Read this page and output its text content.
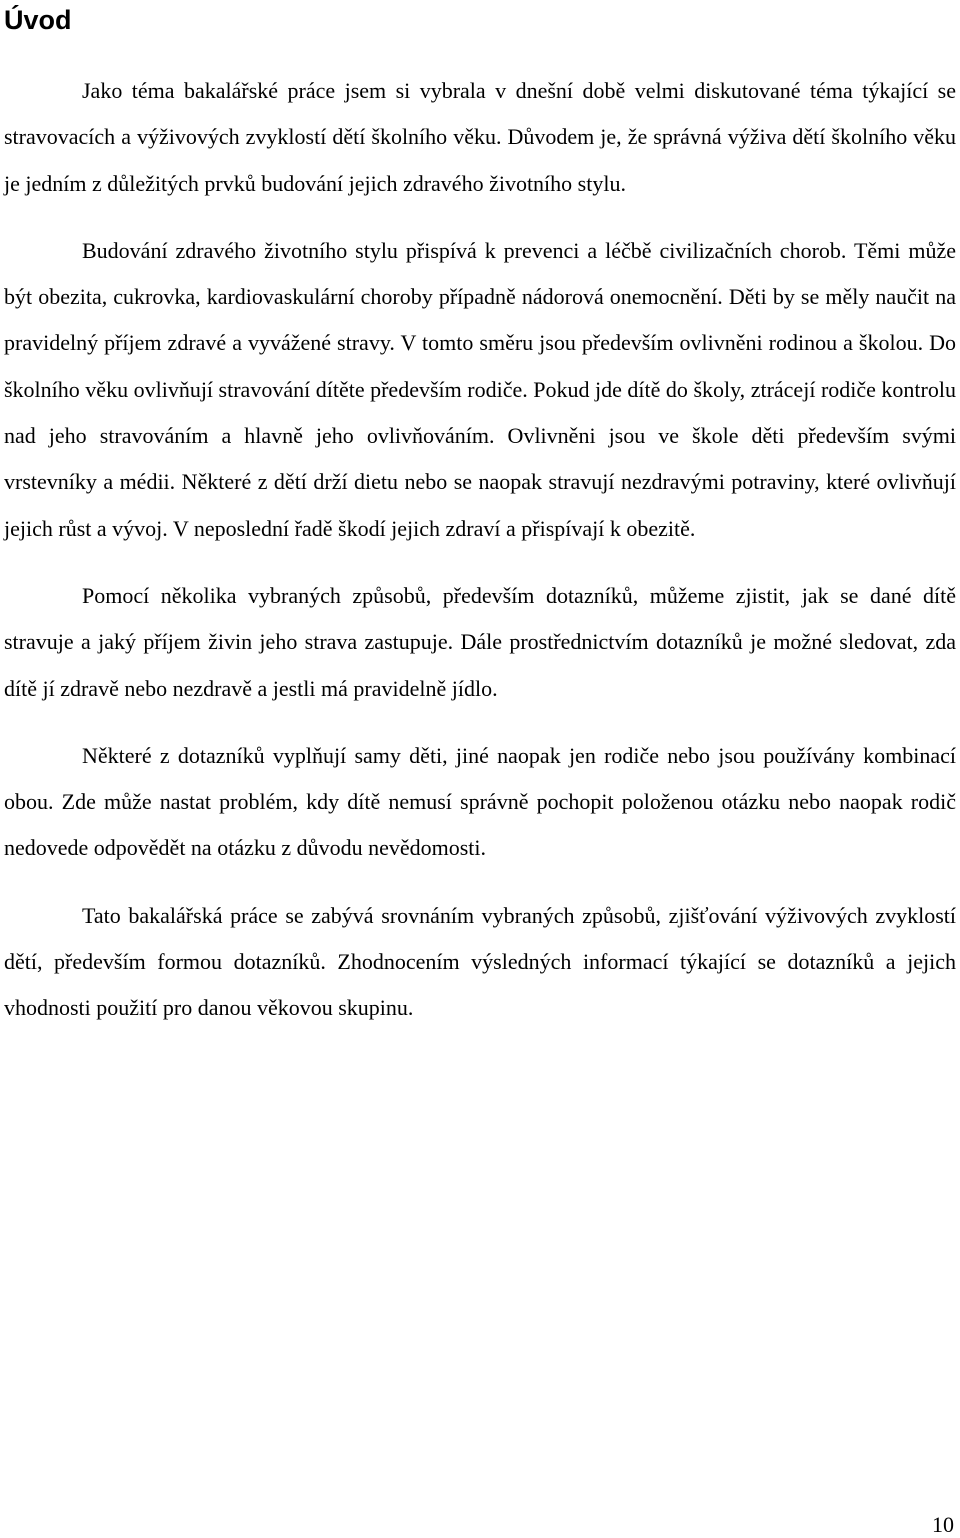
Úvod

Jako téma bakalářské práce jsem si vybrala v dnešní době velmi diskutované téma týkající se stravovacích a výživových zvyklostí dětí školního věku. Důvodem je, že správná výživa dětí školního věku je jedním z důležitých prvků budování jejich zdravého životního stylu.

Budování zdravého životního stylu přispívá k prevenci a léčbě civilizačních chorob. Těmi může být obezita, cukrovka, kardiovaskulární choroby případně nádorová onemocnění. Děti by se měly naučit na pravidelný příjem zdravé a vyvážené stravy. V tomto směru jsou především ovlivněni rodinou a školou. Do školního věku ovlivňují stravování dítěte především rodiče. Pokud jde dítě do školy, ztrácejí rodiče kontrolu nad jeho stravováním a hlavně jeho ovlivňováním. Ovlivněni jsou ve škole děti především svými vrstevníky a médii. Některé z dětí drží dietu nebo se naopak stravují nezdravými potraviny, které ovlivňují jejich růst a vývoj. V neposlední řadě škodí jejich zdraví a přispívají k obezitě.

Pomocí několika vybraných způsobů, především dotazníků, můžeme zjistit, jak se dané dítě stravuje a jaký příjem živin jeho strava zastupuje. Dále prostřednictvím dotazníků je možné sledovat, zda dítě jí zdravě nebo nezdravě a jestli má pravidelně jídlo.

Některé z dotazníků vyplňují samy děti, jiné naopak jen rodiče nebo jsou používány kombinací obou. Zde může nastat problém, kdy dítě nemusí správně pochopit položenou otázku nebo naopak rodič nedovede odpovědět na otázku z důvodu nevědomosti.

Tato bakalářská práce se zabývá srovnáním vybraných způsobů, zjišťování výživových zvyklostí dětí, především formou dotazníků. Zhodnocením výsledných informací týkající se dotazníků a jejich vhodnosti použití pro danou věkovou skupinu.

10
